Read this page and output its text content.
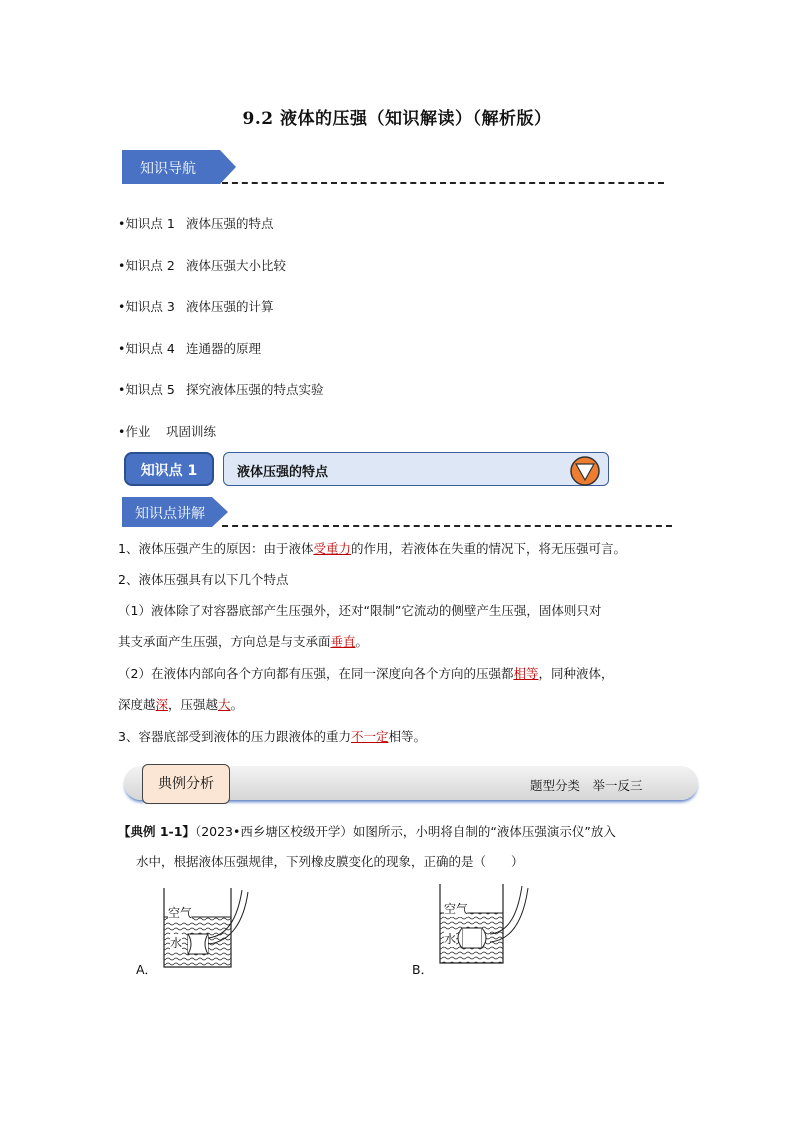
9.2 液体的压强（知识解读）（解析版）
知识导航
•知识点 1 液体压强的特点
•知识点 2 液体压强大小比较
•知识点 3 液体压强的计算
•知识点 4 连通器的原理
•知识点 5 探究液体压强的特点实验
•作业 巩固训练
知识点 1	液体压强的特点
知识点讲解
1、液体压强产生的原因：由于液体受重力的作用，若液体在失重的情况下，将无压强可言。
2、液体压强具有以下几个特点
（1）液体除了对容器底部产生压强外，还对“限制”它流动的侧壁产生压强，固体则只对
其支承面产生压强，方向总是与支承面垂直。
（2）在液体内部向各个方向都有压强，在同一深度向各个方向的压强都相等，同种液体，
深度越深，压强越大。
3、容器底部受到液体的压力跟液体的重力不一定相等。
典例分析	题型分类　举一反三
【典例 1-1】（2023•西乡塘区校级开学）如图所示，小明将自制的“液体压强演示仪”放入
水中，根据液体压强规律，下列橡皮膜变化的现象，正确的是（　　）
空气
水
A．
空气
水
B．
